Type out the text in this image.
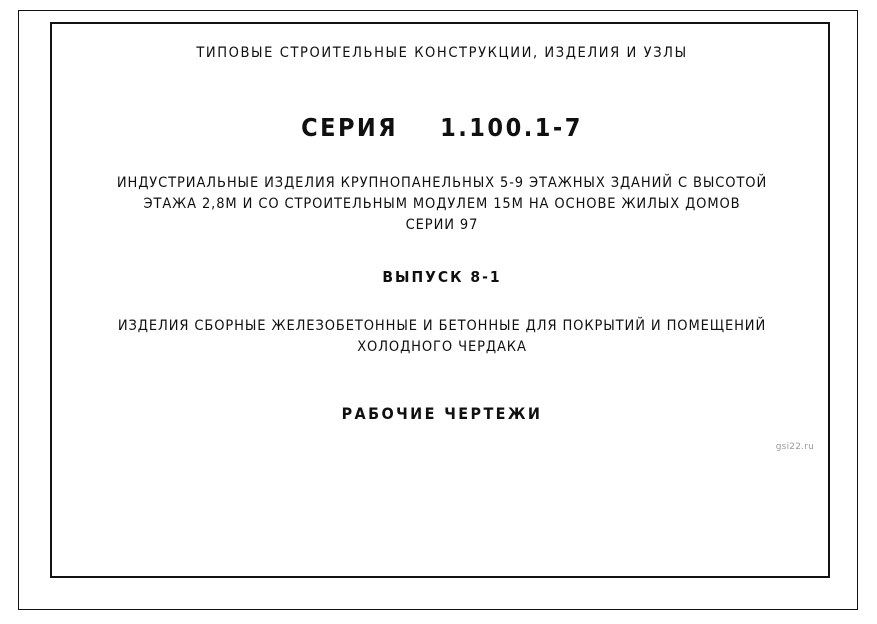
ТИПОВЫЕ СТРОИТЕЛЬНЫЕ КОНСТРУКЦИИ, ИЗДЕЛИЯ И УЗЛЫ
СЕРИЯ 1.100.1-7
ИНДУСТРИАЛЬНЫЕ ИЗДЕЛИЯ КРУПНОПАНЕЛЬНЫХ 5-9 ЭТАЖНЫХ ЗДАНИЙ С ВЫСОТОЙ
ЭТАЖА 2,8М И СО СТРОИТЕЛЬНЫМ МОДУЛЕМ 15М НА ОСНОВЕ ЖИЛЫХ ДОМОВ
СЕРИИ 97
ВЫПУСК 8-1
ИЗДЕЛИЯ СБОРНЫЕ ЖЕЛЕЗОБЕТОННЫЕ И БЕТОННЫЕ ДЛЯ ПОКРЫТИЙ И ПОМЕЩЕНИЙ
ХОЛОДНОГО ЧЕРДАКА
РАБОЧИЕ ЧЕРТЕЖИ
gsi22.ru
